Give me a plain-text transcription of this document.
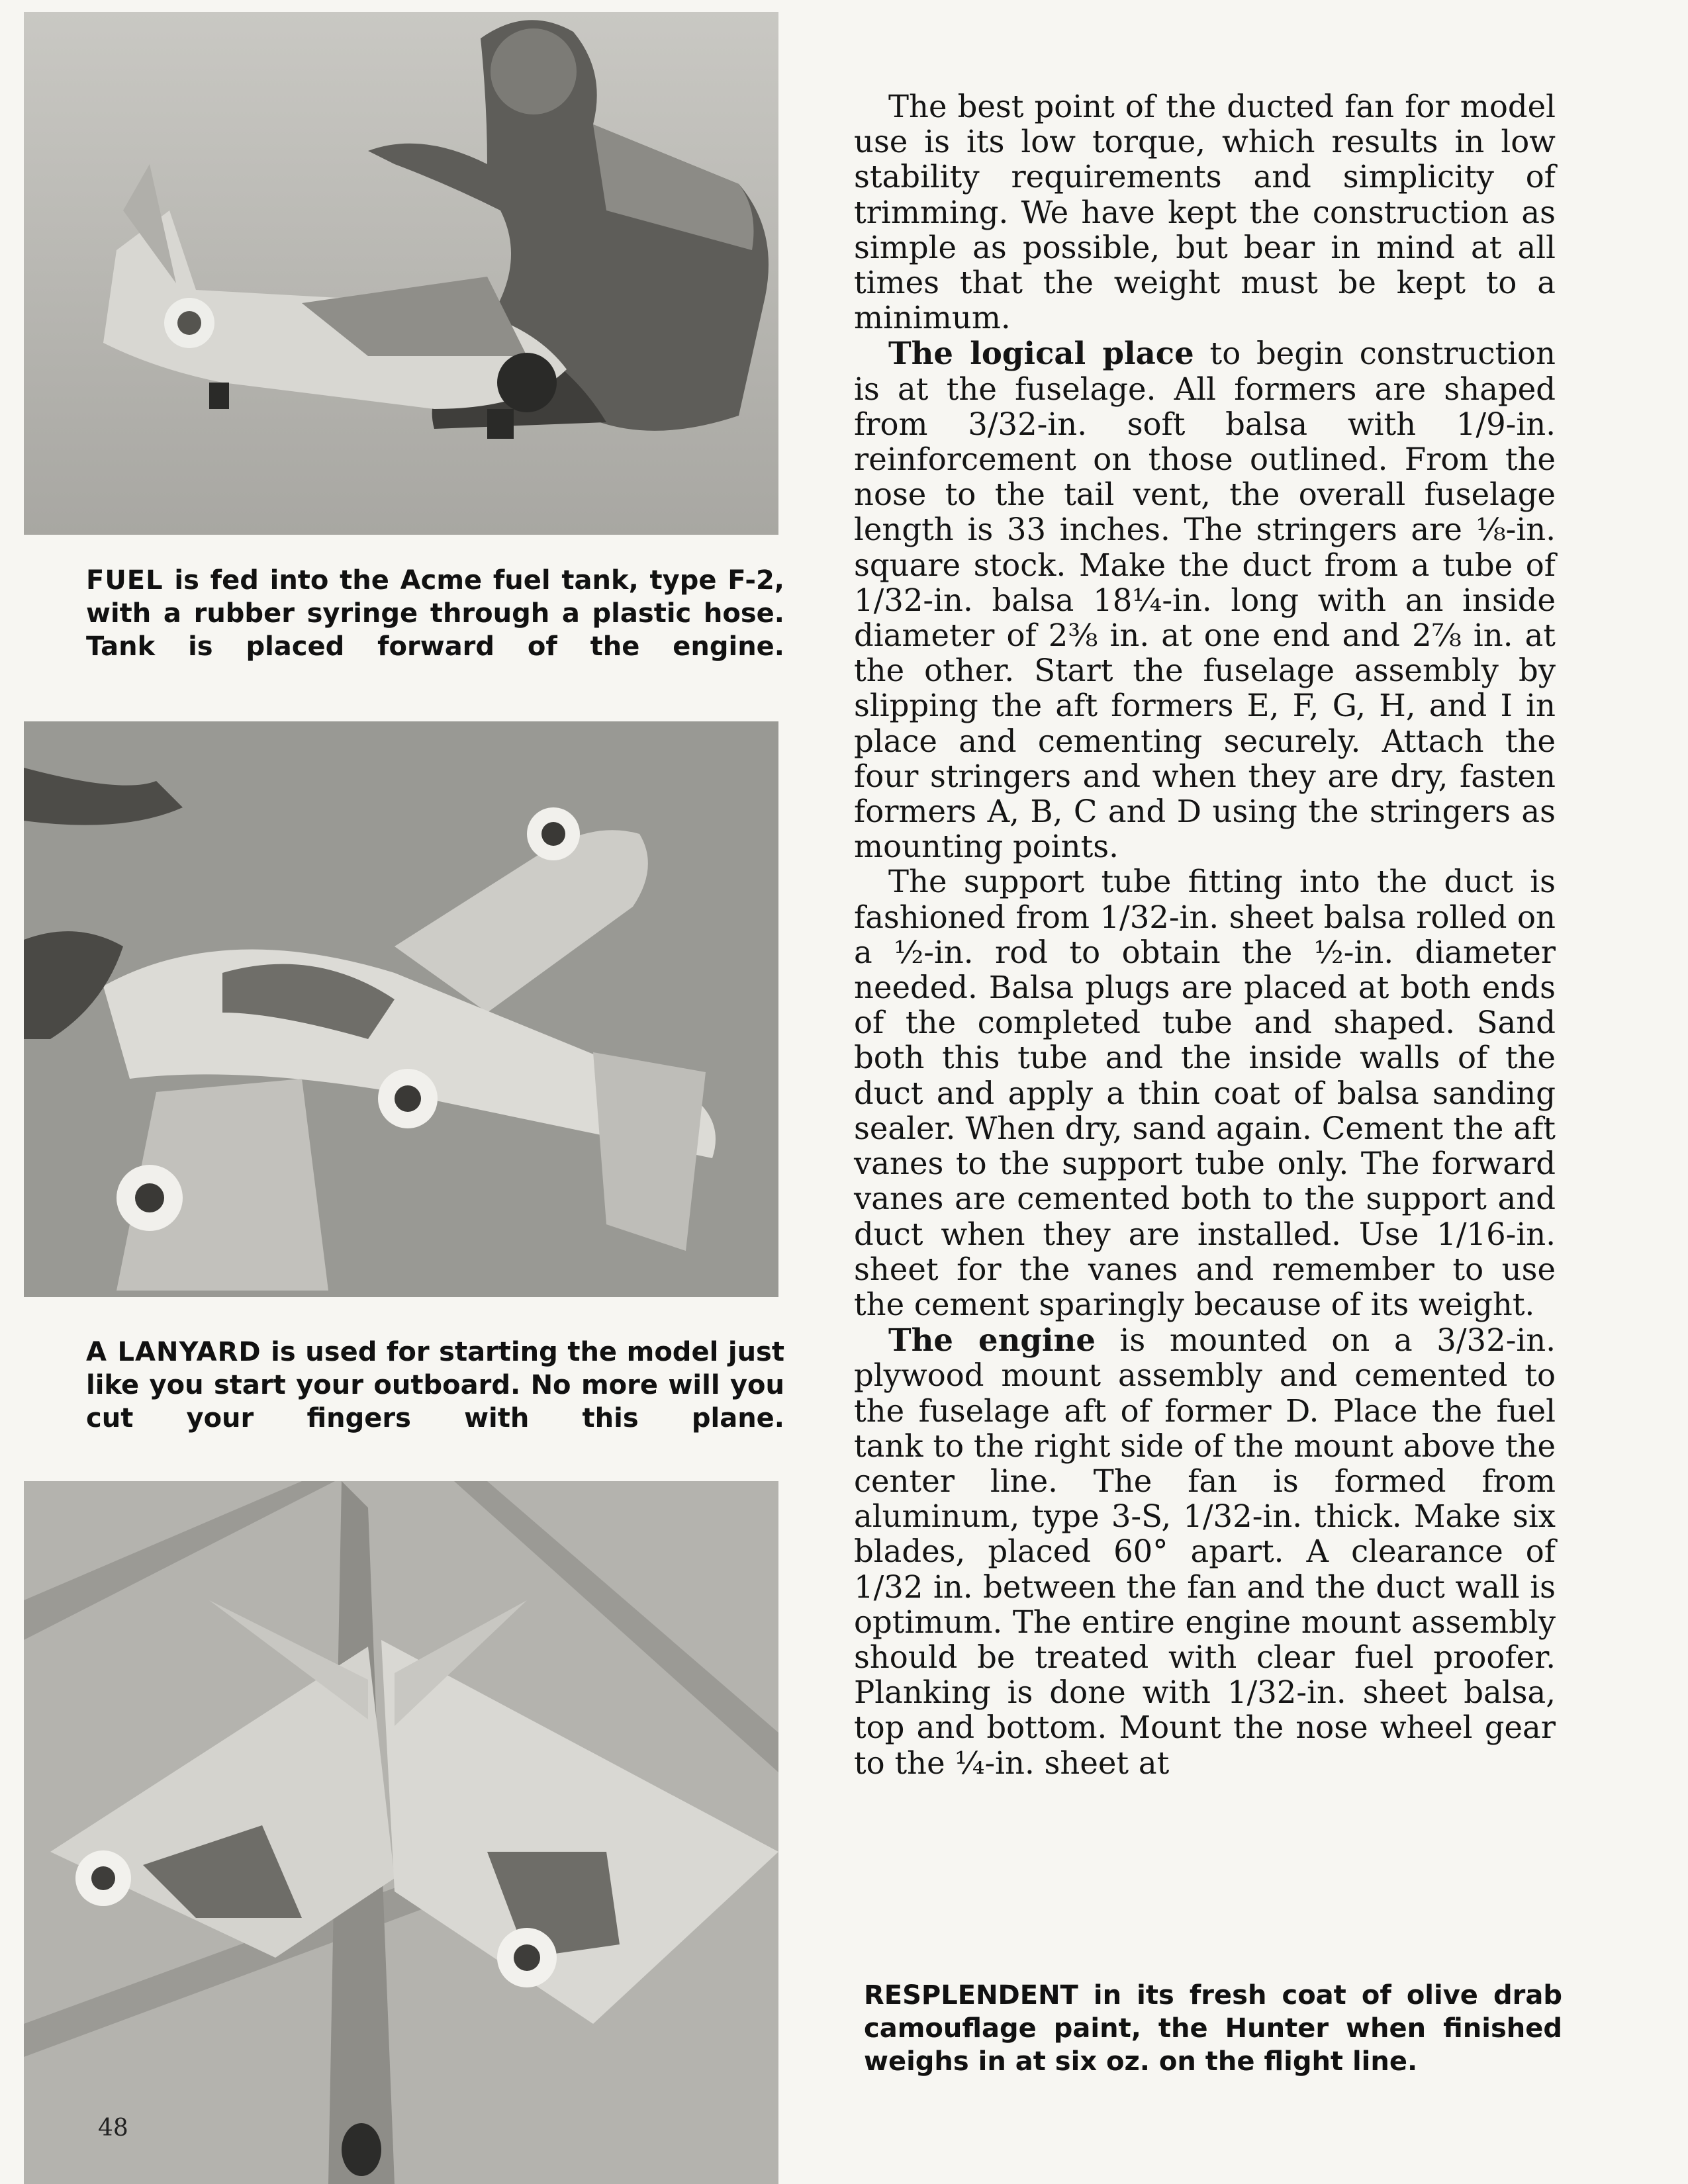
FUEL is fed into the Acme fuel tank, type F-2, with a rubber syringe through a plastic hose. Tank is placed forward of the engine.
A LANYARD is used for starting the model just like you start your outboard. No more will you cut your fingers with this plane.
48

The best point of the ducted fan for model use is its low torque, which results in low stability requirements and simplicity of trimming. We have kept the construction as simple as possible, but bear in mind at all times that the weight must be kept to a minimum.

The logical place to begin construction is at the fuselage. All formers are shaped from 3/32-in. soft balsa with 1/9-in. reinforcement on those outlined. From the nose to the tail vent, the overall fuselage length is 33 inches. The stringers are ⅛-in. square stock. Make the duct from a tube of 1/32-in. balsa 18¼-in. long with an inside diameter of 2⅜ in. at one end and 2⅞ in. at the other. Start the fuselage assembly by slipping the aft formers E, F, G, H, and I in place and cementing securely. Attach the four stringers and when they are dry, fasten formers A, B, C and D using the stringers as mounting points.

The support tube fitting into the duct is fashioned from 1/32-in. sheet balsa rolled on a ½-in. rod to obtain the ½-in. diameter needed. Balsa plugs are placed at both ends of the completed tube and shaped. Sand both this tube and the inside walls of the duct and apply a thin coat of balsa sanding sealer. When dry, sand again. Cement the aft vanes to the support tube only. The forward vanes are cemented both to the support and duct when they are installed. Use 1/16-in. sheet for the vanes and remember to use the cement sparingly because of its weight.

The engine is mounted on a 3/32-in. plywood mount assembly and cemented to the fuselage aft of former D. Place the fuel tank to the right side of the mount above the center line. The fan is formed from aluminum, type 3-S, 1/32-in. thick. Make six blades, placed 60° apart. A clearance of 1/32 in. between the fan and the duct wall is optimum. The entire engine mount assembly should be treated with clear fuel proofer. Planking is done with 1/32-in. sheet balsa, top and bottom. Mount the nose wheel gear to the ¼-in. sheet at

RESPLENDENT in its fresh coat of olive drab camouflage paint, the Hunter when finished weighs in at six oz. on the flight line.
